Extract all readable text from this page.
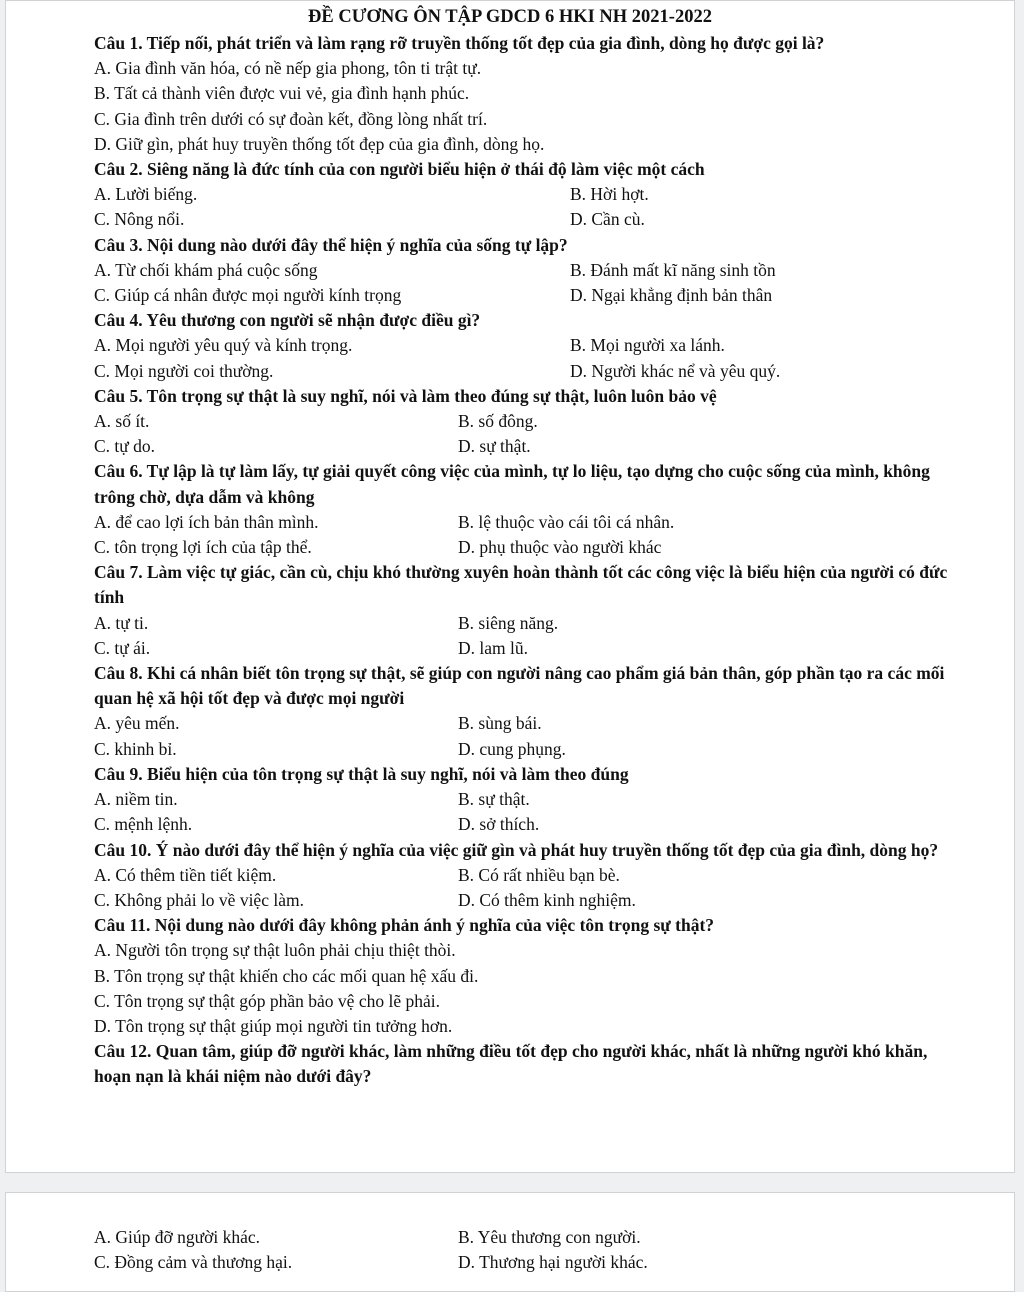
ĐỀ CƯƠNG ÔN TẬP GDCD 6 HKI NH 2021-2022
Câu 1. Tiếp nối, phát triển và làm rạng rỡ truyền thống tốt đẹp của gia đình, dòng họ được gọi là?
A. Gia đình văn hóa, có nề nếp gia phong, tôn ti trật tự.
B. Tất cả thành viên được vui vẻ, gia đình hạnh phúc.
C. Gia đình trên dưới có sự đoàn kết, đồng lòng nhất trí.
D. Giữ gìn, phát huy truyền thống tốt đẹp của gia đình, dòng họ.
Câu 2. Siêng năng là đức tính của con người biểu hiện ở thái độ làm việc một cách
A. Lười biếng.	B. Hời hợt.
C. Nông nổi.	D. Cần cù.
Câu 3. Nội dung nào dưới đây thể hiện ý nghĩa của sống tự lập?
A. Từ chối khám phá cuộc sống	B. Đánh mất kĩ năng sinh tồn
C. Giúp cá nhân được mọi người kính trọng	D. Ngại khẳng định bản thân
Câu 4. Yêu thương con người sẽ nhận được điều gì?
A. Mọi người yêu quý và kính trọng.	B. Mọi người xa lánh.
C. Mọi người coi thường.	D. Người khác nể và yêu quý.
Câu 5. Tôn trọng sự thật là suy nghĩ, nói và làm theo đúng sự thật, luôn luôn bảo vệ
A. số ít.	B. số đông.
C. tự do.	D. sự thật.
Câu 6. Tự lập là tự làm lấy, tự giải quyết công việc của mình, tự lo liệu, tạo dựng cho cuộc sống của mình, không trông chờ, dựa dẫm và không
A. để cao lợi ích bản thân mình.	B. lệ thuộc vào cái tôi cá nhân.
C. tôn trọng lợi ích của tập thể.	D. phụ thuộc vào người khác
Câu 7. Làm việc tự giác, cần cù, chịu khó thường xuyên hoàn thành tốt các công việc là biểu hiện của người có đức tính
A. tự ti.	B. siêng năng.
C. tự ái.	D. lam lũ.
Câu 8. Khi cá nhân biết tôn trọng sự thật, sẽ giúp con người nâng cao phẩm giá bản thân, góp phần tạo ra các mối quan hệ xã hội tốt đẹp và được mọi người
A. yêu mến.	B. sùng bái.
C. khinh bỉ.	D. cung phụng.
Câu 9. Biểu hiện của tôn trọng sự thật là suy nghĩ, nói và làm theo đúng
A. niềm tin.	B. sự thật.
C. mệnh lệnh.	D. sở thích.
Câu 10. Ý nào dưới đây thể hiện ý nghĩa của việc giữ gìn và phát huy truyền thống tốt đẹp của gia đình, dòng họ?
A. Có thêm tiền tiết kiệm.	B. Có rất nhiều bạn bè.
C. Không phải lo về việc làm.	D. Có thêm kinh nghiệm.
Câu 11. Nội dung nào dưới đây không phản ánh ý nghĩa của việc tôn trọng sự thật?
A. Người tôn trọng sự thật luôn phải chịu thiệt thòi.
B. Tôn trọng sự thật khiến cho các mối quan hệ xấu đi.
C. Tôn trọng sự thật góp phần bảo vệ cho lẽ phải.
D. Tôn trọng sự thật giúp mọi người tin tưởng hơn.
Câu 12. Quan tâm, giúp đỡ người khác, làm những điều tốt đẹp cho người khác, nhất là những người khó khăn, hoạn nạn là khái niệm nào dưới đây?
A. Giúp đỡ người khác.	B. Yêu thương con người.
C. Đồng cảm và thương hại.	D. Thương hại người khác.
